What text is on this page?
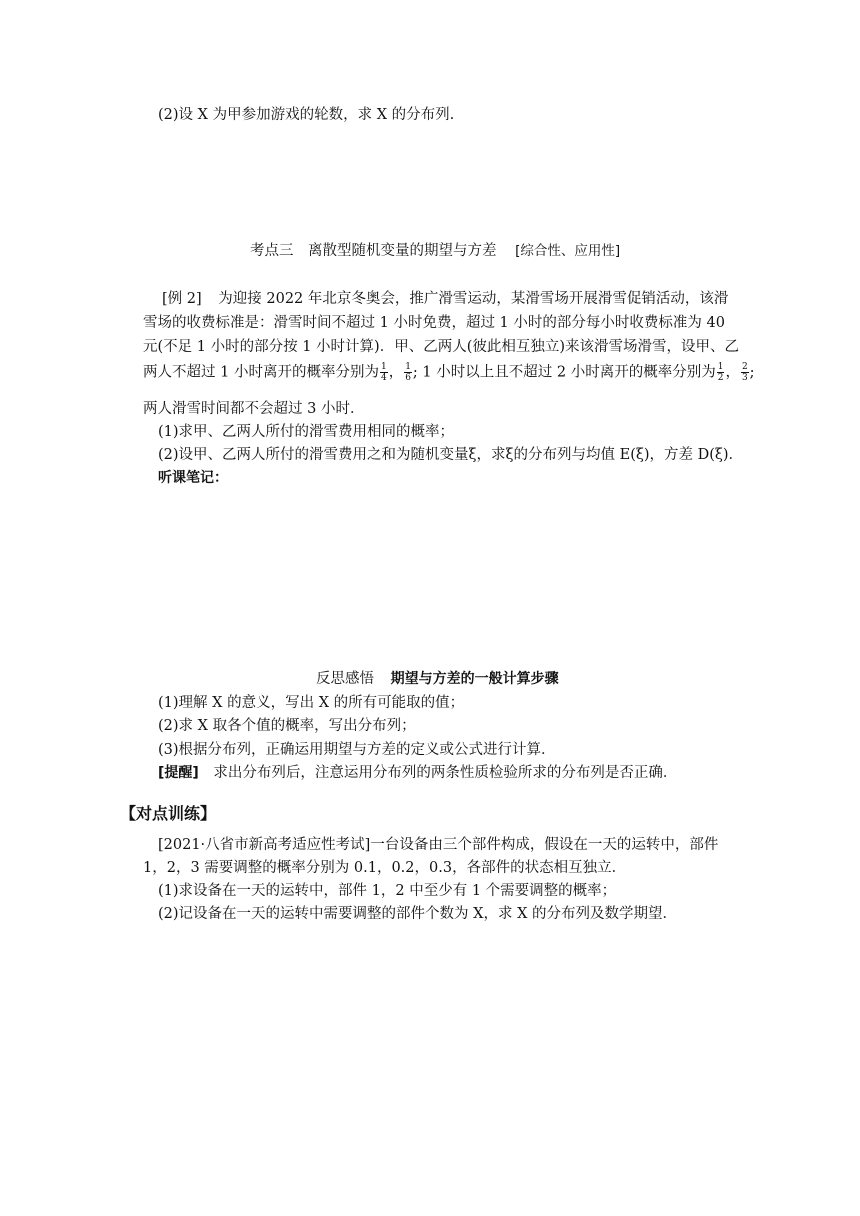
(2)设 X 为甲参加游戏的轮数，求 X 的分布列.
考点三　离散型随机变量的期望与方差 [综合性、应用性]
[例 2] 为迎接 2022 年北京冬奥会，推广滑雪运动，某滑雪场开展滑雪促销活动，该滑
雪场的收费标准是：滑雪时间不超过 1 小时免费，超过 1 小时的部分每小时收费标准为 40
元(不足 1 小时的部分按 1 小时计算)．甲、乙两人(彼此相互独立)来该滑雪场滑雪，设甲、乙
两人不超过 1 小时离开的概率分别为 $\frac{1}{4}$ ， $\frac{1}{6}$ ; 1 小时以上且不超过 2 小时离开的概率分别为 $\frac{1}{2}$ ， $\frac{2}{3}$ ;
两人滑雪时间都不会超过 3 小时．
(1)求甲、乙两人所付的滑雪费用相同的概率；
(2)设甲、乙两人所付的滑雪费用之和为随机变量ξ，求ξ的分布列与均值 E(ξ)，方差 D(ξ)．
听课笔记：
反思感悟 期望与方差的一般计算步骤
(1)理解 X 的意义，写出 X 的所有可能取的值；
(2)求 X 取各个值的概率，写出分布列；
(3)根据分布列，正确运用期望与方差的定义或公式进行计算．
[提醒] 求出分布列后，注意运用分布列的两条性质检验所求的分布列是否正确．
【对点训练】
[2021·八省市新高考适应性考试]一台设备由三个部件构成，假设在一天的运转中，部件
1，2，3 需要调整的概率分别为 0.1，0.2，0.3，各部件的状态相互独立．
(1)求设备在一天的运转中，部件 1，2 中至少有 1 个需要调整的概率；
(2)记设备在一天的运转中需要调整的部件个数为 X，求 X 的分布列及数学期望．
